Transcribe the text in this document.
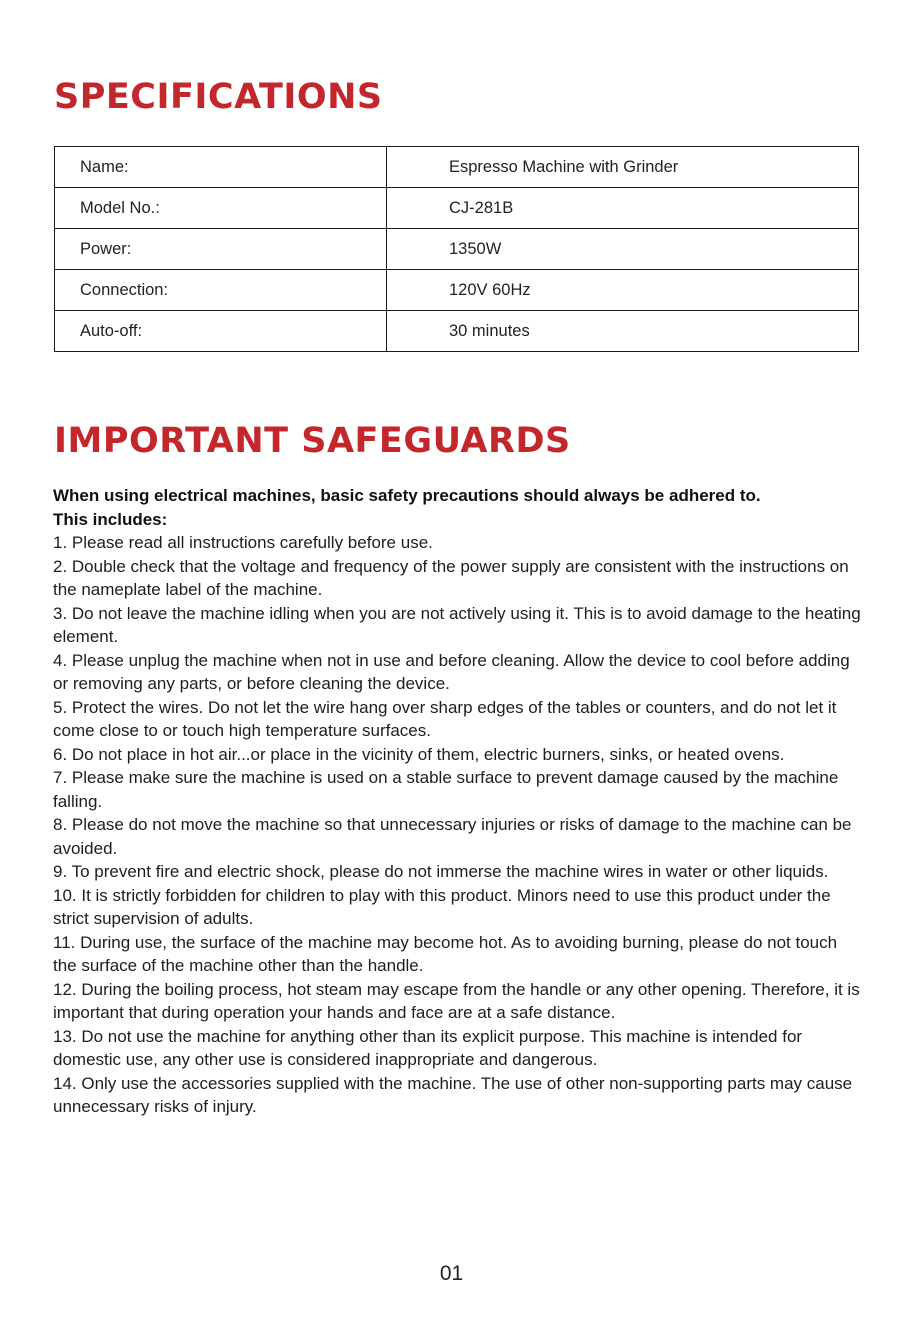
SPECIFICATIONS
Name:	Espresso Machine with Grinder
Model No.:	CJ-281B
Power:	1350W
Connection:	120V 60Hz
Auto-off:	30 minutes
IMPORTANT SAFEGUARDS

When using electrical machines, basic safety precautions should always be adhered to.

This includes:

1. Please read all instructions carefully before use.

2. Double check that the voltage and frequency of the power supply are consistent with the instructions on the nameplate label of the machine.

3. Do not leave the machine idling when you are not actively using it. This is to avoid damage to the heating element.

4. Please unplug the machine when not in use and before cleaning. Allow the device to cool before adding or removing any parts, or before cleaning the device.

5. Protect the wires. Do not let the wire hang over sharp edges of the tables or counters, and do not let it come close to or touch high temperature surfaces.

6. Do not place in hot air...or place in the vicinity of them, electric burners, sinks, or heated ovens.

7. Please make sure the machine is used on a stable surface to prevent damage caused by the machine falling.

8. Please do not move the machine so that unnecessary injuries or risks of damage to the machine can be avoided.

9. To prevent fire and electric shock, please do not immerse the machine wires in water or other liquids.

10. It is strictly forbidden for children to play with this product. Minors need to use this product under the strict supervision of adults.

11. During use, the surface of the machine may become hot. As to avoiding burning, please do not touch the surface of the machine other than the handle.

12. During the boiling process, hot steam may escape from the handle or any other opening. Therefore, it is important that during operation your hands and face are at a safe distance.

13. Do not use the machine for anything other than its explicit purpose. This machine is intended for domestic use, any other use is considered inappropriate and dangerous.

14. Only use the accessories supplied with the machine. The use of other non-supporting parts may cause unnecessary risks of injury.

01
